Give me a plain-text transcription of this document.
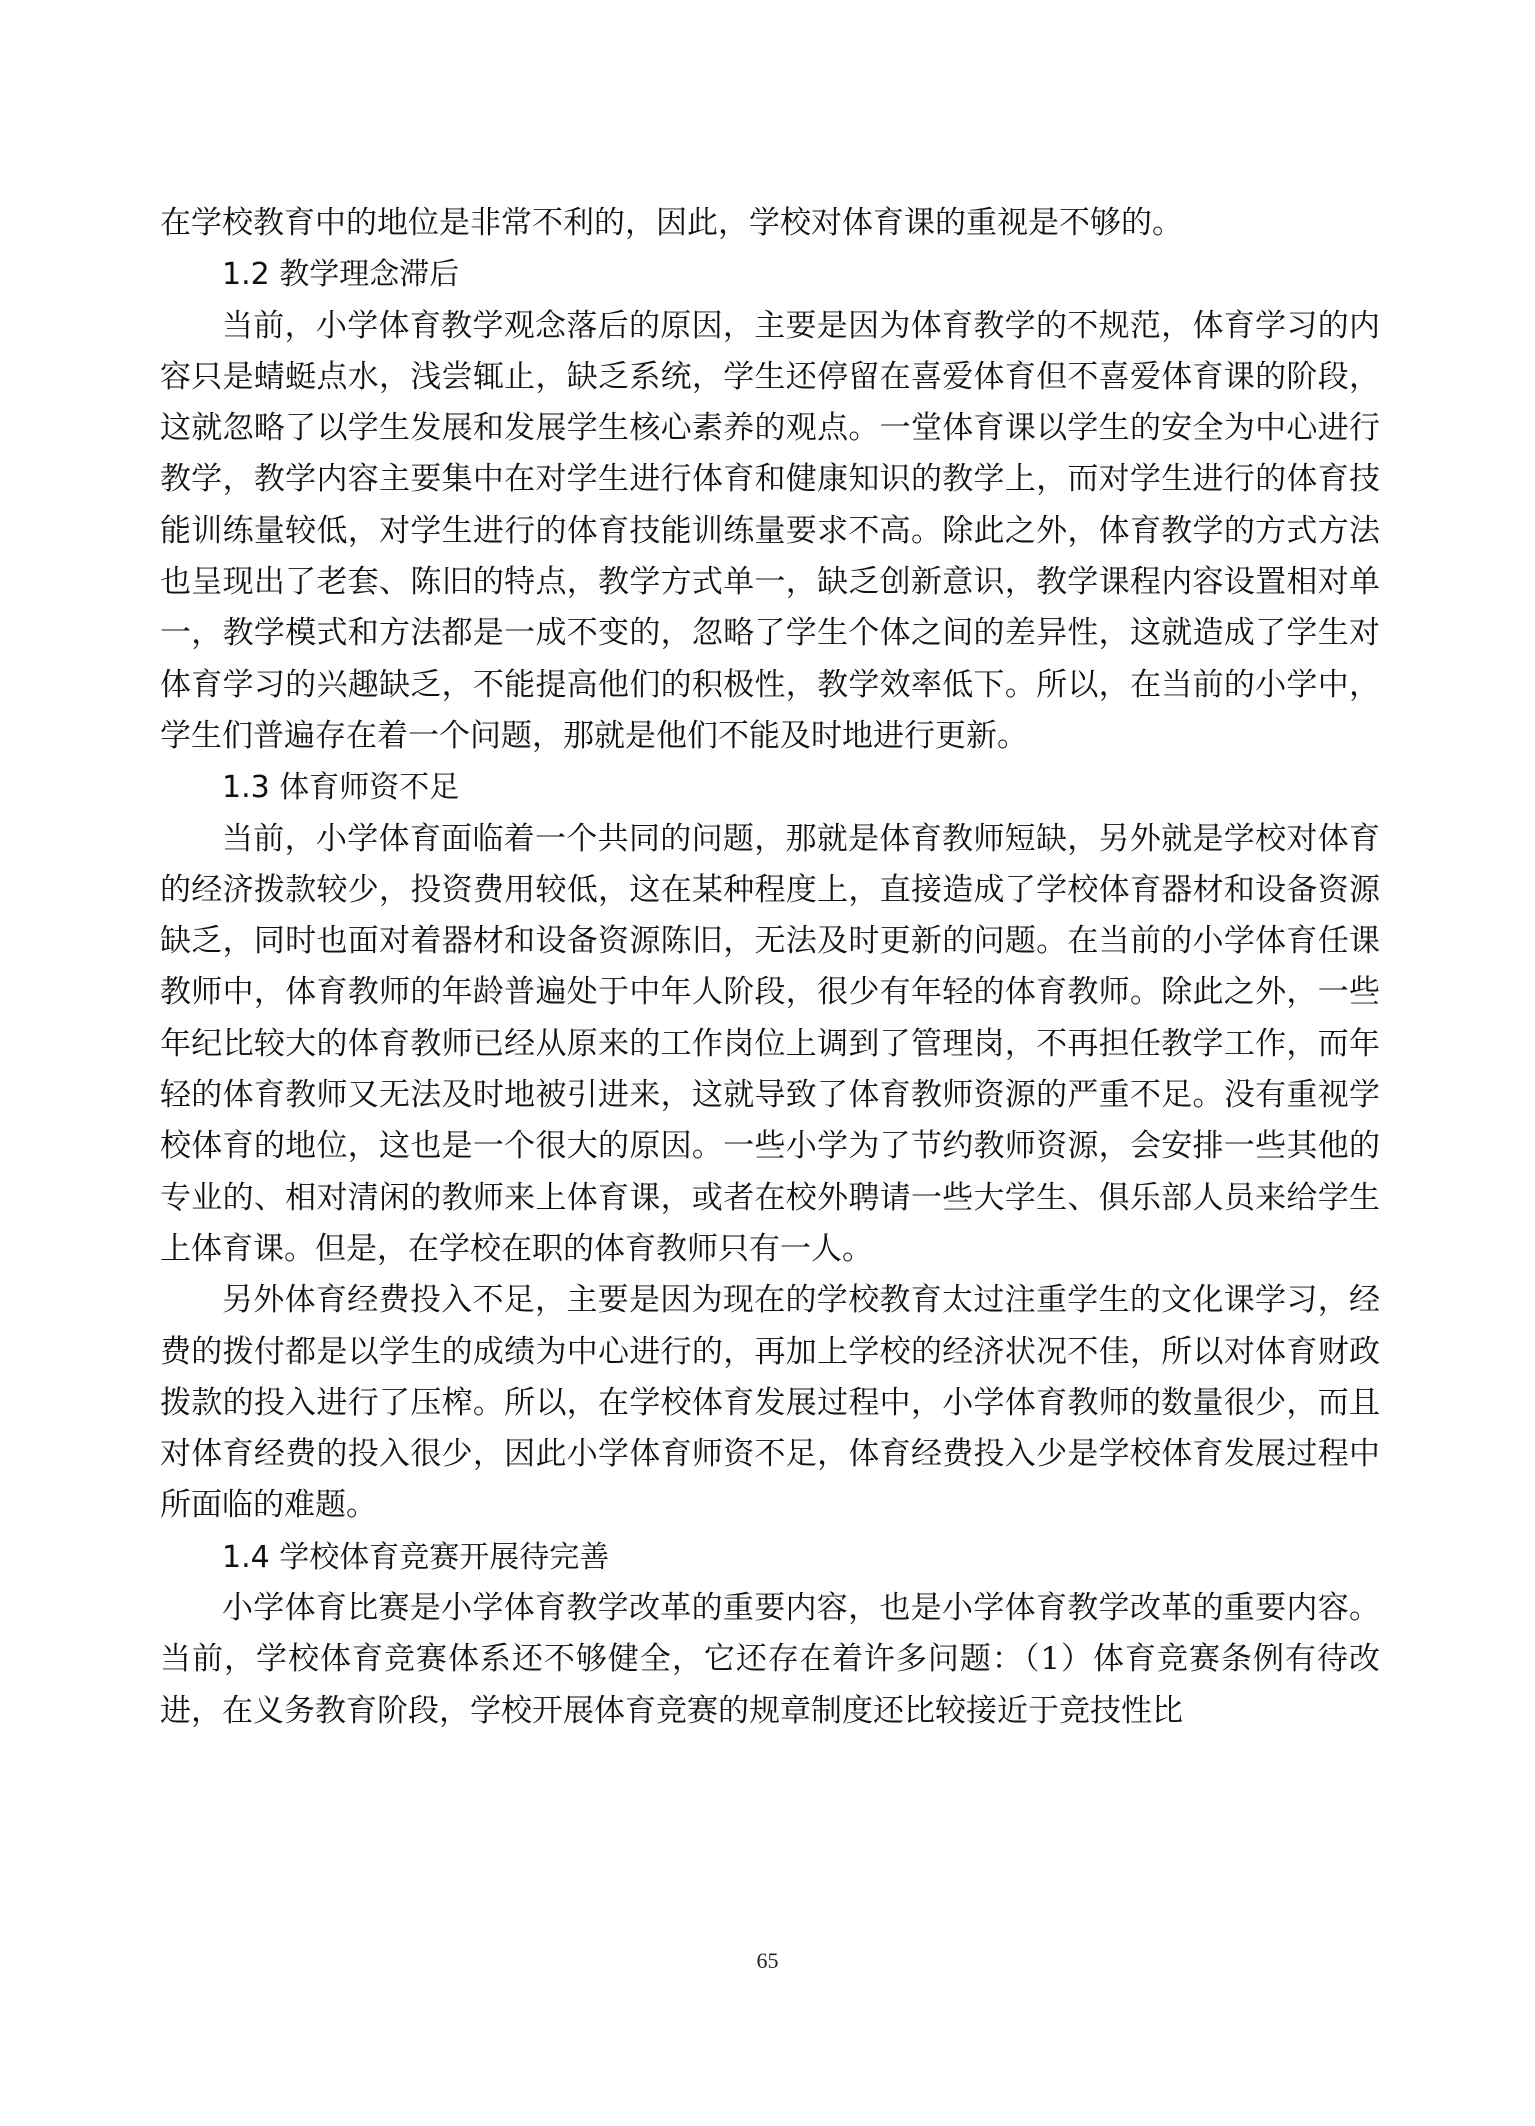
在学校教育中的地位是非常不利的，因此，学校对体育课的重视是不够的。

1.2 教学理念滞后

当前，小学体育教学观念落后的原因，主要是因为体育教学的不规范，体育学习的内容只是蜻蜓点水，浅尝辄止，缺乏系统，学生还停留在喜爱体育但不喜爱体育课的阶段，这就忽略了以学生发展和发展学生核心素养的观点。一堂体育课以学生的安全为中心进行教学，教学内容主要集中在对学生进行体育和健康知识的教学上，而对学生进行的体育技能训练量较低，对学生进行的体育技能训练量要求不高。除此之外，体育教学的方式方法也呈现出了老套、陈旧的特点，教学方式单一，缺乏创新意识，教学课程内容设置相对单一，教学模式和方法都是一成不变的，忽略了学生个体之间的差异性，这就造成了学生对体育学习的兴趣缺乏，不能提高他们的积极性，教学效率低下。所以，在当前的小学中，学生们普遍存在着一个问题，那就是他们不能及时地进行更新。

1.3 体育师资不足

当前，小学体育面临着一个共同的问题，那就是体育教师短缺，另外就是学校对体育的经济拨款较少，投资费用较低，这在某种程度上，直接造成了学校体育器材和设备资源缺乏，同时也面对着器材和设备资源陈旧，无法及时更新的问题。在当前的小学体育任课教师中，体育教师的年龄普遍处于中年人阶段，很少有年轻的体育教师。除此之外，一些年纪比较大的体育教师已经从原来的工作岗位上调到了管理岗，不再担任教学工作，而年轻的体育教师又无法及时地被引进来，这就导致了体育教师资源的严重不足。没有重视学校体育的地位，这也是一个很大的原因。一些小学为了节约教师资源，会安排一些其他的专业的、相对清闲的教师来上体育课，或者在校外聘请一些大学生、俱乐部人员来给学生上体育课。但是，在学校在职的体育教师只有一人。

另外体育经费投入不足，主要是因为现在的学校教育太过注重学生的文化课学习，经费的拨付都是以学生的成绩为中心进行的，再加上学校的经济状况不佳，所以对体育财政拨款的投入进行了压榨。所以，在学校体育发展过程中，小学体育教师的数量很少，而且对体育经费的投入很少，因此小学体育师资不足，体育经费投入少是学校体育发展过程中所面临的难题。

1.4 学校体育竞赛开展待完善

小学体育比赛是小学体育教学改革的重要内容，也是小学体育教学改革的重要内容。当前，学校体育竞赛体系还不够健全，它还存在着许多问题：（1）体育竞赛条例有待改进，在义务教育阶段，学校开展体育竞赛的规章制度还比较接近于竞技性比

65
